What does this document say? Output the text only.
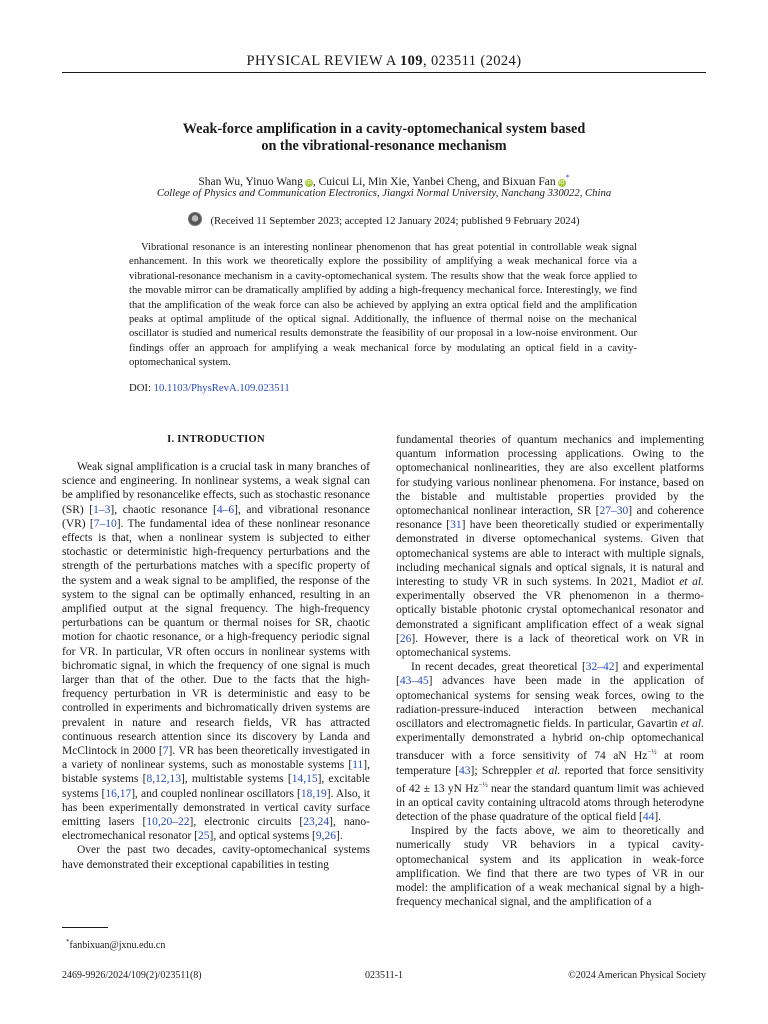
PHYSICAL REVIEW A 109, 023511 (2024)
Weak-force amplification in a cavity-optomechanical system based
on the vibrational-resonance mechanism
Shan Wu, Yinuo Wang iD, Cuicui Li, Min Xie, Yanbei Cheng, and Bixuan Fan iD*
College of Physics and Communication Electronics, Jiangxi Normal University, Nanchang 330022, China
(Received 11 September 2023; accepted 12 January 2024; published 9 February 2024)
Vibrational resonance is an interesting nonlinear phenomenon that has great potential in controllable weak signal enhancement. In this work we theoretically explore the possibility of amplifying a weak mechanical force via a vibrational-resonance mechanism in a cavity-optomechanical system. The results show that the weak force applied to the movable mirror can be dramatically amplified by adding a high-frequency mechanical force. Interestingly, we find that the amplification of the weak force can also be achieved by applying an extra optical field and the amplification peaks at optimal amplitude of the optical signal. Additionally, the influence of thermal noise on the mechanical oscillator is studied and numerical results demonstrate the feasibility of our proposal in a low-noise environment. Our findings offer an approach for amplifying a weak mechanical force by modulating an optical field in a cavity-optomechanical system.
DOI: 10.1103/PhysRevA.109.023511
I. INTRODUCTION

Weak signal amplification is a crucial task in many branches of science and engineering. In nonlinear systems, a weak signal can be amplified by resonancelike effects, such as stochastic resonance (SR) [1–3], chaotic resonance [4–6], and vibrational resonance (VR) [7–10]. The fundamental idea of these nonlinear resonance effects is that, when a nonlinear system is subjected to either stochastic or deterministic high-frequency perturbations and the strength of the perturbations matches with a specific property of the system and a weak signal to be amplified, the response of the system to the signal can be optimally enhanced, resulting in an amplified output at the signal frequency. The high-frequency perturbations can be quantum or thermal noises for SR, chaotic motion for chaotic resonance, or a high-frequency periodic signal for VR. In particular, VR often occurs in nonlinear systems with bichromatic signal, in which the frequency of one signal is much larger than that of the other. Due to the facts that the high-frequency perturbation in VR is deterministic and easy to be controlled in experiments and bichromatically driven systems are prevalent in nature and research fields, VR has attracted continuous research attention since its discovery by Landa and McClintock in 2000 [7]. VR has been theoretically investigated in a variety of nonlinear systems, such as monostable systems [11], bistable systems [8,12,13], multistable systems [14,15], excitable systems [16,17], and coupled nonlinear oscillators [18,19]. Also, it has been experimentally demonstrated in vertical cavity surface emitting lasers [10,20–22], electronic circuits [23,24], nano-electromechanical resonator [25], and optical systems [9,26].

Over the past two decades, cavity-optomechanical systems have demonstrated their exceptional capabilities in testing

fundamental theories of quantum mechanics and implementing quantum information processing applications. Owing to the optomechanical nonlinearities, they are also excellent platforms for studying various nonlinear phenomena. For instance, based on the bistable and multistable properties provided by the optomechanical nonlinear interaction, SR [27–30] and coherence resonance [31] have been theoretically studied or experimentally demonstrated in diverse optomechanical systems. Given that optomechanical systems are able to interact with multiple signals, including mechanical signals and optical signals, it is natural and interesting to study VR in such systems. In 2021, Madiot et al. experimentally observed the VR phenomenon in a thermo-optically bistable photonic crystal optomechanical resonator and demonstrated a significant amplification effect of a weak signal [26]. However, there is a lack of theoretical work on VR in optomechanical systems.

In recent decades, great theoretical [32–42] and experimental [43–45] advances have been made in the application of optomechanical systems for sensing weak forces, owing to the radiation-pressure-induced interaction between mechanical oscillators and electromagnetic fields. In particular, Gavartin et al. experimentally demonstrated a hybrid on-chip optomechanical transducer with a force sensitivity of 74 aN $Hz^{-\frac{1}{2}}$ at room temperature [43]; Schreppler et al. reported that force sensitivity of 42 ± 13 yN $Hz^{-\frac{1}{2}}$ near the standard quantum limit was achieved in an optical cavity containing ultracold atoms through heterodyne detection of the phase quadrature of the optical field [44].

Inspired by the facts above, we aim to theoretically and numerically study VR behaviors in a typical cavity-optomechanical system and its application in weak-force amplification. We find that there are two types of VR in our model: the amplification of a weak mechanical signal by a high-frequency mechanical signal, and the amplification of a

*fanbixuan@jxnu.edu.cn
2469-9926/2024/109(2)/023511(8)	023511-1	©2024 American Physical Society
